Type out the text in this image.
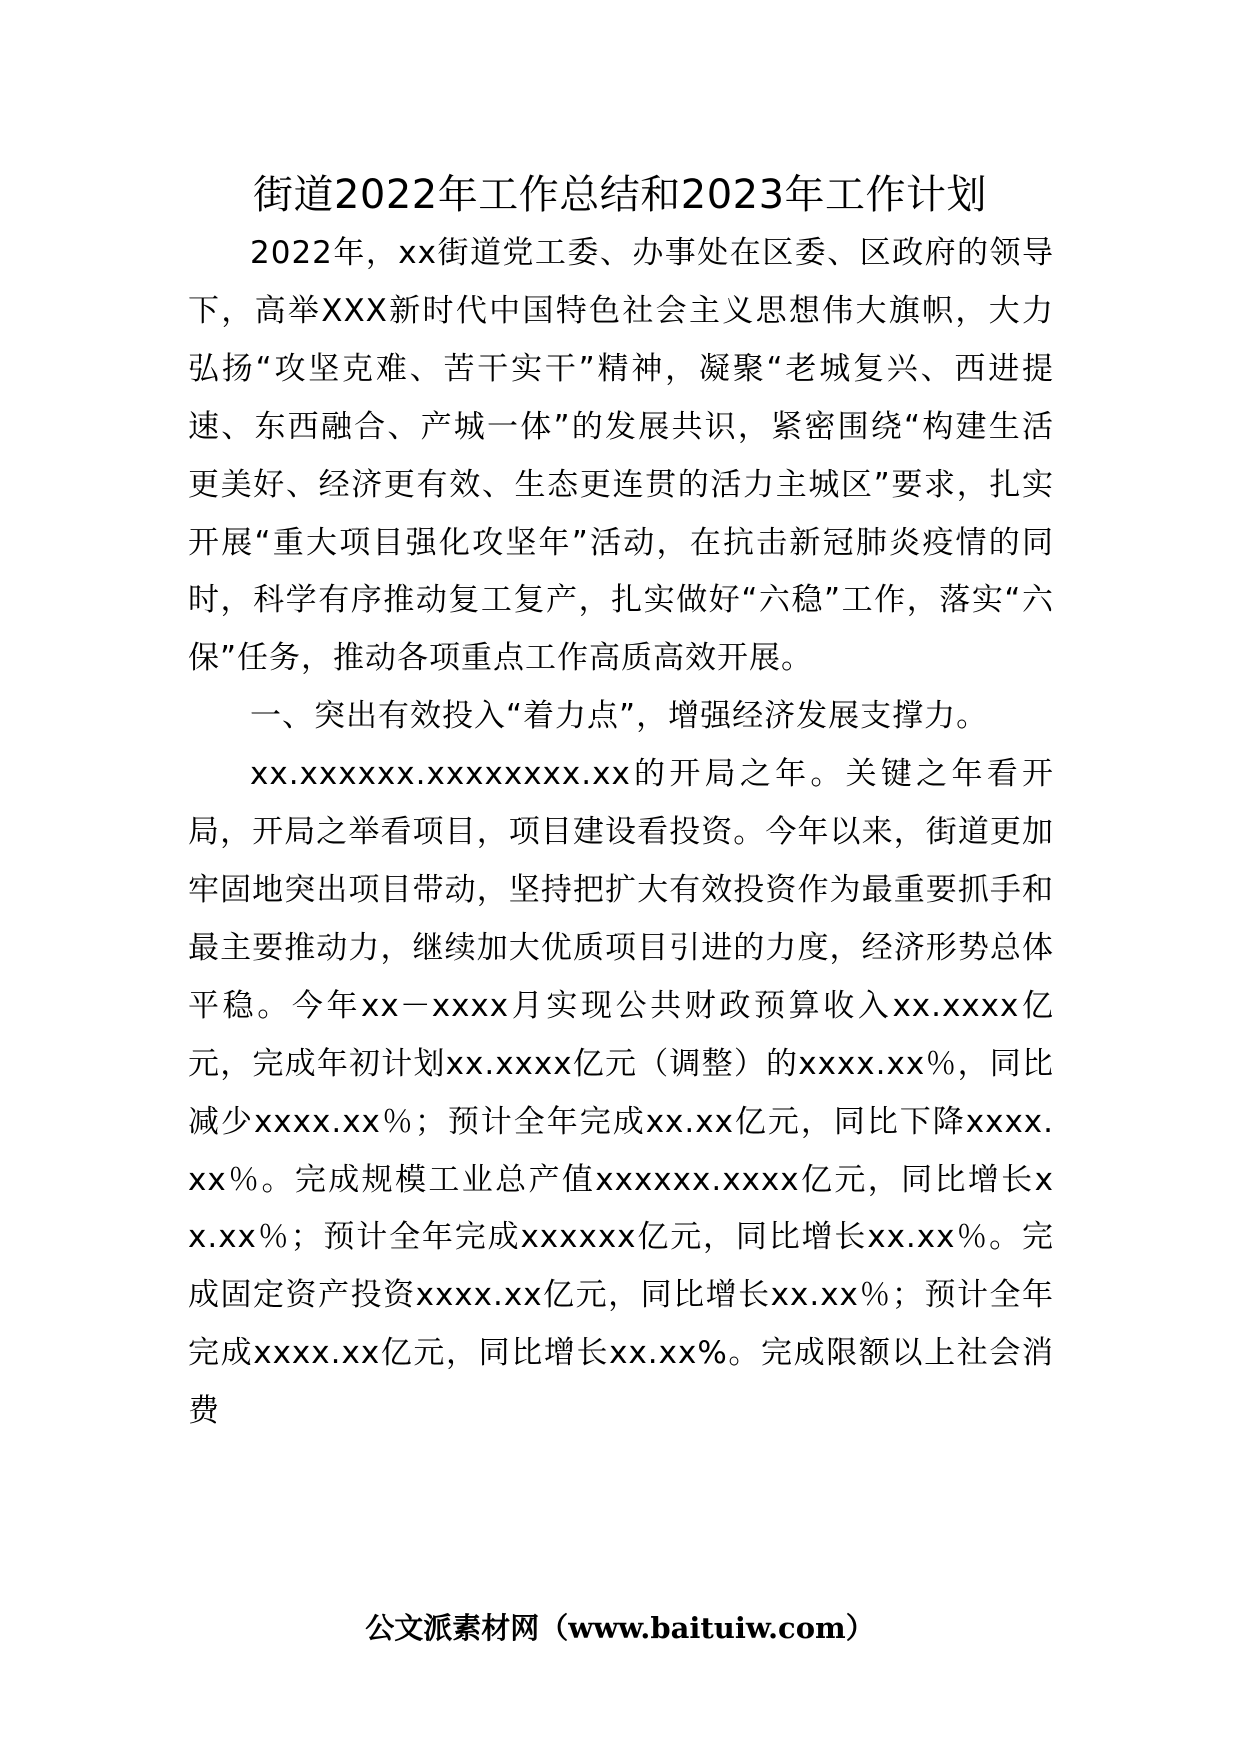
街道2022年工作总结和2023年工作计划

2022年，xx街道党工委、办事处在区委、区政府的领导下，高举XXX新时代中国特色社会主义思想伟大旗帜，大力弘扬“攻坚克难、苦干实干”精神，凝聚“老城复兴、西进提速、东西融合、产城一体”的发展共识，紧密围绕“构建生活更美好、经济更有效、生态更连贯的活力主城区”要求，扎实开展“重大项目强化攻坚年”活动，在抗击新冠肺炎疫情的同时，科学有序推动复工复产，扎实做好“六稳”工作，落实“六保”任务，推动各项重点工作高质高效开展。

一、突出有效投入“着力点”，增强经济发展支撑力。

xx.xxxxxx.xxxxxxxx.xx的开局之年。关键之年看开局，开局之举看项目，项目建设看投资。今年以来，街道更加牢固地突出项目带动，坚持把扩大有效投资作为最重要抓手和最主要推动力，继续加大优质项目引进的力度，经济形势总体平稳。今年xx－xxxx月实现公共财政预算收入xx.xxxx亿元，完成年初计划xx.xxxx亿元（调整）的xxxx.xx％，同比减少xxxx.xx％；预计全年完成xx.xx亿元，同比下降xxxx.xx％。完成规模工业总产值xxxxxx.xxxx亿元，同比增长xx.xx％；预计全年完成xxxxxx亿元，同比增长xx.xx％。完成固定资产投资xxxx.xx亿元，同比增长xx.xx％；预计全年完成xxxx.xx亿元，同比增长xx.xx%。完成限额以上社会消费

公文派素材网（www.baituiw.com）
